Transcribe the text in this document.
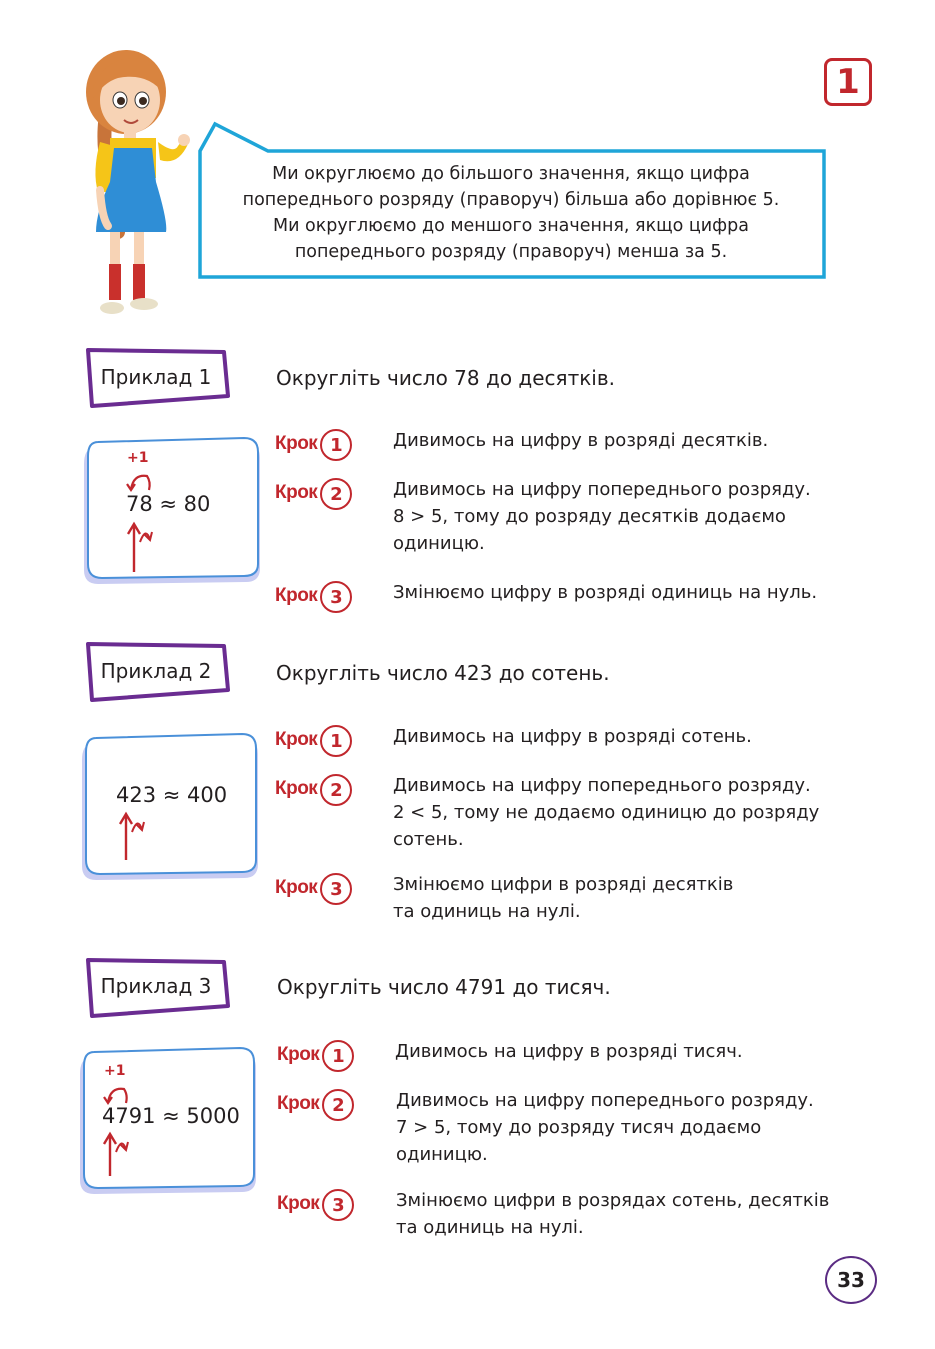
1
Ми округлюємо до більшого значення, якщо цифра
попереднього розряду (праворуч) більша або дорівнює 5.
Ми округлюємо до меншого значення, якщо цифра
попереднього розряду (праворуч) менша за 5.
Приклад 1	Округліть число 78 до десятків.
+1
78 ≈ 80
Крок 1	Дивимось на цифру в розряді десятків.
Крок 2	Дивимось на цифру попереднього розряду.
8 > 5, тому до розряду десятків додаємо
одиницю.
Крок 3	Змінюємо цифру в розряді одиниць на нуль.
Приклад 2	Округліть число 423 до сотень.
423 ≈ 400
Крок 1	Дивимось на цифру в розряді сотень.
Крок 2	Дивимось на цифру попереднього розряду.
2 < 5, тому не додаємо одиницю до розряду
сотень.
Крок 3	Змінюємо цифри в розряді десятків
та одиниць на нулі.
Приклад 3	Округліть число 4791 до тисяч.
+1
4791 ≈ 5000
Крок 1	Дивимось на цифру в розряді тисяч.
Крок 2	Дивимось на цифру попереднього розряду.
7 > 5, тому до розряду тисяч додаємо
одиницю.
Крок 3	Змінюємо цифри в розрядах сотень, десятків
та одиниць на нулі.
33
